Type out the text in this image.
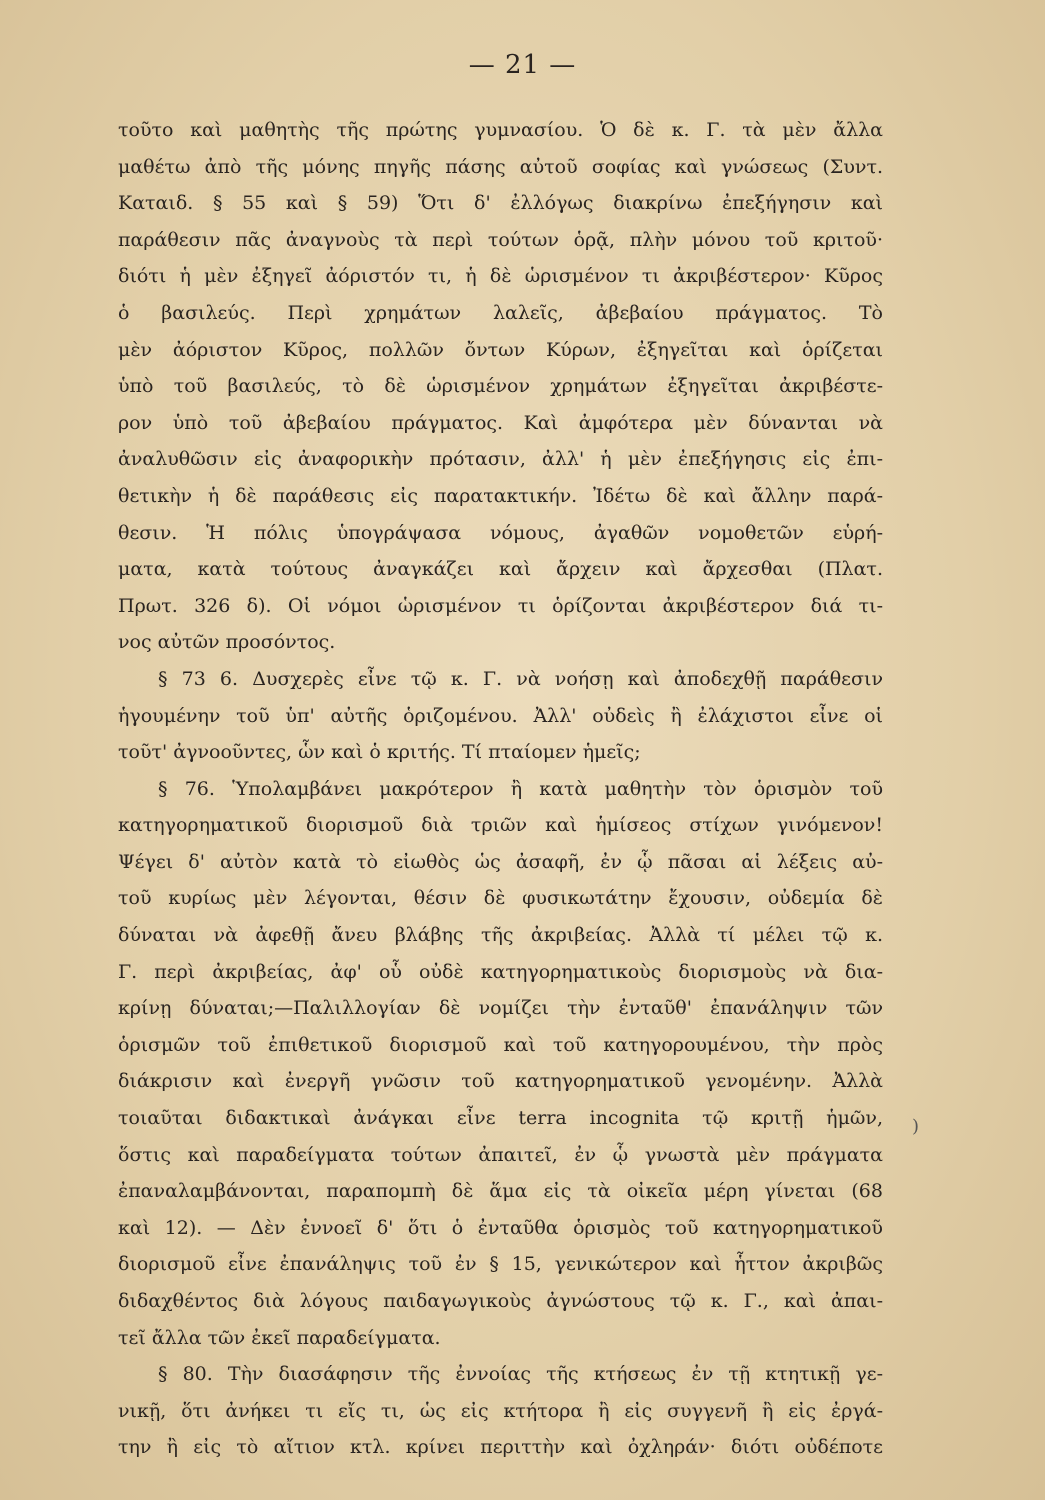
— 21 —
τοῦτο καὶ μαθητὴς τῆς πρώτης γυμνασίου. Ὁ δὲ κ. Γ. τὰ μὲν ἄλλα
μαθέτω ἀπὸ τῆς μόνης πηγῆς πάσης αὐτοῦ σοφίας καὶ γνώσεως (Συντ.
Καταιδ. § 55 καὶ § 59) Ὅτι δ' ἐλλόγως διακρίνω ἐπεξήγησιν καὶ
παράθεσιν πᾶς ἀναγνοὺς τὰ περὶ τούτων ὁρᾷ, πλὴν μόνου τοῦ κριτοῦ·
διότι ἡ μὲν ἐξηγεῖ ἀόριστόν τι, ἡ δὲ ὡρισμένον τι ἀκριβέστερον· Κῦρος
ὁ βασιλεύς. Περὶ χρημάτων λαλεῖς, ἀβεβαίου πράγματος. Τὸ
μὲν ἀόριστον Κῦρος, πολλῶν ὄντων Κύρων, ἐξηγεῖται καὶ ὁρίζεται
ὑπὸ τοῦ βασιλεύς, τὸ δὲ ὡρισμένον χρημάτων ἐξηγεῖται ἀκριβέστε-
ρον ὑπὸ τοῦ ἀβεβαίου πράγματος. Καὶ ἀμφότερα μὲν δύνανται νὰ
ἀναλυθῶσιν εἰς ἀναφορικὴν πρότασιν, ἀλλ' ἡ μὲν ἐπεξήγησις εἰς ἐπι-
θετικὴν ἡ δὲ παράθεσις εἰς παρατακτικήν. Ἰδέτω δὲ καὶ ἄλλην παρά-
θεσιν. Ἡ πόλις ὑπογράψασα νόμους, ἀγαθῶν νομοθετῶν εὑρή-
ματα, κατὰ τούτους ἀναγκάζει καὶ ἄρχειν καὶ ἄρχεσθαι (Πλατ.
Πρωτ. 326 δ). Οἱ νόμοι ὡρισμένον τι ὁρίζονται ἀκριβέστερον διά τι-
νος αὐτῶν προσόντος.
§ 73 6. Δυσχερὲς εἶνε τῷ κ. Γ. νὰ νοήσῃ καὶ ἀποδεχθῇ παράθεσιν
ἡγουμένην τοῦ ὑπ' αὐτῆς ὁριζομένου. Ἀλλ' οὐδεὶς ἢ ἐλάχιστοι εἶνε οἱ
τοῦτ' ἀγνοοῦντες, ὧν καὶ ὁ κριτής. Τί πταίομεν ἡμεῖς;
§ 76. Ὑπολαμβάνει μακρότερον ἢ κατὰ μαθητὴν τὸν ὁρισμὸν τοῦ
κατηγορηματικοῦ διορισμοῦ διὰ τριῶν καὶ ἡμίσεος στίχων γινόμενον!
Ψέγει δ' αὐτὸν κατὰ τὸ εἰωθὸς ὡς ἀσαφῆ, ἐν ᾧ πᾶσαι αἱ λέξεις αὐ-
τοῦ κυρίως μὲν λέγονται, θέσιν δὲ φυσικωτάτην ἔχουσιν, οὐδεμία δὲ
δύναται νὰ ἀφεθῇ ἄνευ βλάβης τῆς ἀκριβείας. Ἀλλὰ τί μέλει τῷ κ.
Γ. περὶ ἀκριβείας, ἀφ' οὗ οὐδὲ κατηγορηματικοὺς διορισμοὺς νὰ δια-
κρίνῃ δύναται;—Παλιλλογίαν δὲ νομίζει τὴν ἐνταῦθ' ἐπανάληψιν τῶν
ὁρισμῶν τοῦ ἐπιθετικοῦ διορισμοῦ καὶ τοῦ κατηγορουμένου, τὴν πρὸς
διάκρισιν καὶ ἐνεργῆ γνῶσιν τοῦ κατηγορηματικοῦ γενομένην. Ἀλλὰ
τοιαῦται διδακτικαὶ ἀνάγκαι εἶνε terra incognita τῷ κριτῇ ἡμῶν,
ὅστις καὶ παραδείγματα τούτων ἀπαιτεῖ, ἐν ᾧ γνωστὰ μὲν πράγματα
ἐπαναλαμβάνονται, παραπομπὴ δὲ ἅμα εἰς τὰ οἰκεῖα μέρη γίνεται (68
καὶ 12). — Δὲν ἐννοεῖ δ' ὅτι ὁ ἐνταῦθα ὁρισμὸς τοῦ κατηγορηματικοῦ
διορισμοῦ εἶνε ἐπανάληψις τοῦ ἐν § 15, γενικώτερον καὶ ἧττον ἀκριβῶς
διδαχθέντος διὰ λόγους παιδαγωγικοὺς ἀγνώστους τῷ κ. Γ., καὶ ἀπαι-
τεῖ ἄλλα τῶν ἐκεῖ παραδείγματα.
§ 80. Τὴν διασάφησιν τῆς ἐννοίας τῆς κτήσεως ἐν τῇ κτητικῇ γε-
νικῇ, ὅτι ἀνήκει τι εἴς τι, ὡς εἰς κτήτορα ἢ εἰς συγγενῆ ἢ εἰς ἐργά-
την ἢ εἰς τὸ αἴτιον κτλ. κρίνει περιττὴν καὶ ὀχληράν· διότι οὐδέποτε
)
